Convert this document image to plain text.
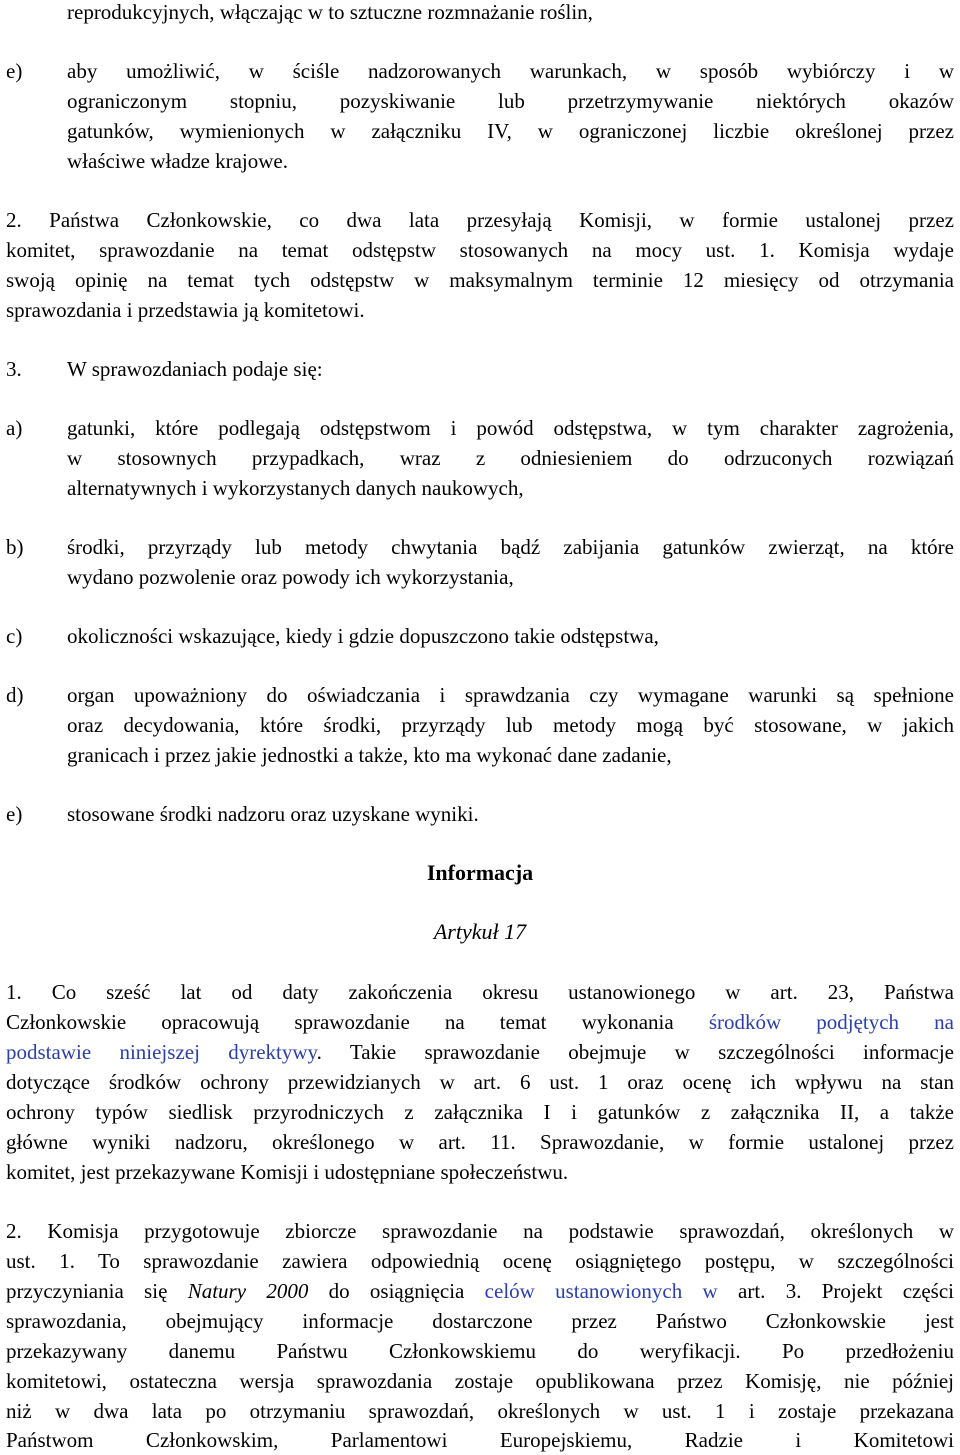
reprodukcyjnych, włączając w to sztuczne rozmnażanie roślin,
e) aby umożliwić, w ściśle nadzorowanych warunkach, w sposób wybiórczy i w
ograniczonym stopniu, pozyskiwanie lub przetrzymywanie niektórych okazów
gatunków, wymienionych w załączniku IV, w ograniczonej liczbie określonej przez
właściwe władze krajowe.
2. Państwa Członkowskie, co dwa lata przesyłają Komisji, w formie ustalonej przez
komitet, sprawozdanie na temat odstępstw stosowanych na mocy ust. 1. Komisja wydaje
swoją opinię na temat tych odstępstw w maksymalnym terminie 12 miesięcy od otrzymania
sprawozdania i przedstawia ją komitetowi.
3. W sprawozdaniach podaje się:
a) gatunki, które podlegają odstępstwom i powód odstępstwa, w tym charakter zagrożenia,
w stosownych przypadkach, wraz z odniesieniem do odrzuconych rozwiązań
alternatywnych i wykorzystanych danych naukowych,
b) środki, przyrządy lub metody chwytania bądź zabijania gatunków zwierząt, na które
wydano pozwolenie oraz powody ich wykorzystania,
c) okoliczności wskazujące, kiedy i gdzie dopuszczono takie odstępstwa,
d) organ upoważniony do oświadczania i sprawdzania czy wymagane warunki są spełnione
oraz decydowania, które środki, przyrządy lub metody mogą być stosowane, w jakich
granicach i przez jakie jednostki a także, kto ma wykonać dane zadanie,
e) stosowane środki nadzoru oraz uzyskane wyniki.
Informacja
Artykuł 17
1. Co sześć lat od daty zakończenia okresu ustanowionego w art. 23, Państwa
Członkowskie opracowują sprawozdanie na temat wykonania środków podjętych na
podstawie niniejszej dyrektywy. Takie sprawozdanie obejmuje w szczególności informacje
dotyczące środków ochrony przewidzianych w art. 6 ust. 1 oraz ocenę ich wpływu na stan
ochrony typów siedlisk przyrodniczych z załącznika I i gatunków z załącznika II, a także
główne wyniki nadzoru, określonego w art. 11. Sprawozdanie, w formie ustalonej przez
komitet, jest przekazywane Komisji i udostępniane społeczeństwu.
2. Komisja przygotowuje zbiorcze sprawozdanie na podstawie sprawozdań, określonych w
ust. 1. To sprawozdanie zawiera odpowiednią ocenę osiągniętego postępu, w szczególności
przyczyniania się Natury 2000 do osiągnięcia celów ustanowionych w art. 3. Projekt części
sprawozdania, obejmujący informacje dostarczone przez Państwo Członkowskie jest
przekazywany danemu Państwu Członkowskiemu do weryfikacji. Po przedłożeniu
komitetowi, ostateczna wersja sprawozdania zostaje opublikowana przez Komisję, nie później
niż w dwa lata po otrzymaniu sprawozdań, określonych w ust. 1 i zostaje przekazana
Państwom Członkowskim, Parlamentowi Europejskiemu, Radzie i Komitetowi
